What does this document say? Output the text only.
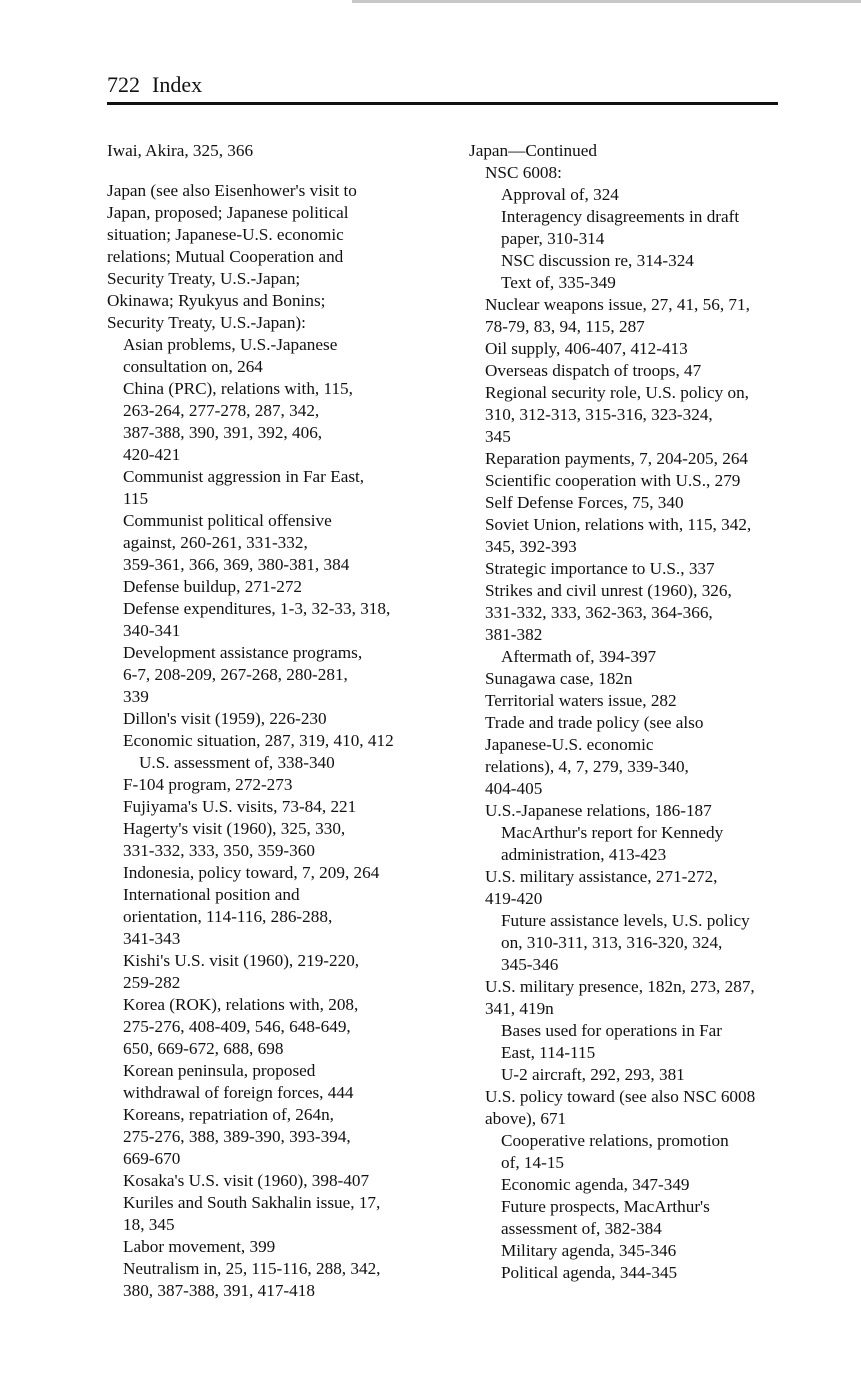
722 Index
Iwai, Akira, 325, 366
Japan (see also Eisenhower's visit to
Japan, proposed; Japanese political
situation; Japanese-U.S. economic
relations; Mutual Cooperation and
Security Treaty, U.S.-Japan;
Okinawa; Ryukyus and Bonins;
Security Treaty, U.S.-Japan):
Asian problems, U.S.-Japanese
consultation on, 264
China (PRC), relations with, 115,
263-264, 277-278, 287, 342,
387-388, 390, 391, 392, 406,
420-421
Communist aggression in Far East,
115
Communist political offensive
against, 260-261, 331-332,
359-361, 366, 369, 380-381, 384
Defense buildup, 271-272
Defense expenditures, 1-3, 32-33, 318,
340-341
Development assistance programs,
6-7, 208-209, 267-268, 280-281,
339
Dillon's visit (1959), 226-230
Economic situation, 287, 319, 410, 412
U.S. assessment of, 338-340
F-104 program, 272-273
Fujiyama's U.S. visits, 73-84, 221
Hagerty's visit (1960), 325, 330,
331-332, 333, 350, 359-360
Indonesia, policy toward, 7, 209, 264
International position and
orientation, 114-116, 286-288,
341-343
Kishi's U.S. visit (1960), 219-220,
259-282
Korea (ROK), relations with, 208,
275-276, 408-409, 546, 648-649,
650, 669-672, 688, 698
Korean peninsula, proposed
withdrawal of foreign forces, 444
Koreans, repatriation of, 264n,
275-276, 388, 389-390, 393-394,
669-670
Kosaka's U.S. visit (1960), 398-407
Kuriles and South Sakhalin issue, 17,
18, 345
Labor movement, 399
Neutralism in, 25, 115-116, 288, 342,
380, 387-388, 391, 417-418
Japan—Continued
NSC 6008:
Approval of, 324
Interagency disagreements in draft
paper, 310-314
NSC discussion re, 314-324
Text of, 335-349
Nuclear weapons issue, 27, 41, 56, 71,
78-79, 83, 94, 115, 287
Oil supply, 406-407, 412-413
Overseas dispatch of troops, 47
Regional security role, U.S. policy on,
310, 312-313, 315-316, 323-324,
345
Reparation payments, 7, 204-205, 264
Scientific cooperation with U.S., 279
Self Defense Forces, 75, 340
Soviet Union, relations with, 115, 342,
345, 392-393
Strategic importance to U.S., 337
Strikes and civil unrest (1960), 326,
331-332, 333, 362-363, 364-366,
381-382
Aftermath of, 394-397
Sunagawa case, 182n
Territorial waters issue, 282
Trade and trade policy (see also
Japanese-U.S. economic
relations), 4, 7, 279, 339-340,
404-405
U.S.-Japanese relations, 186-187
MacArthur's report for Kennedy
administration, 413-423
U.S. military assistance, 271-272,
419-420
Future assistance levels, U.S. policy
on, 310-311, 313, 316-320, 324,
345-346
U.S. military presence, 182n, 273, 287,
341, 419n
Bases used for operations in Far
East, 114-115
U-2 aircraft, 292, 293, 381
U.S. policy toward (see also NSC 6008
above), 671
Cooperative relations, promotion
of, 14-15
Economic agenda, 347-349
Future prospects, MacArthur's
assessment of, 382-384
Military agenda, 345-346
Political agenda, 344-345
